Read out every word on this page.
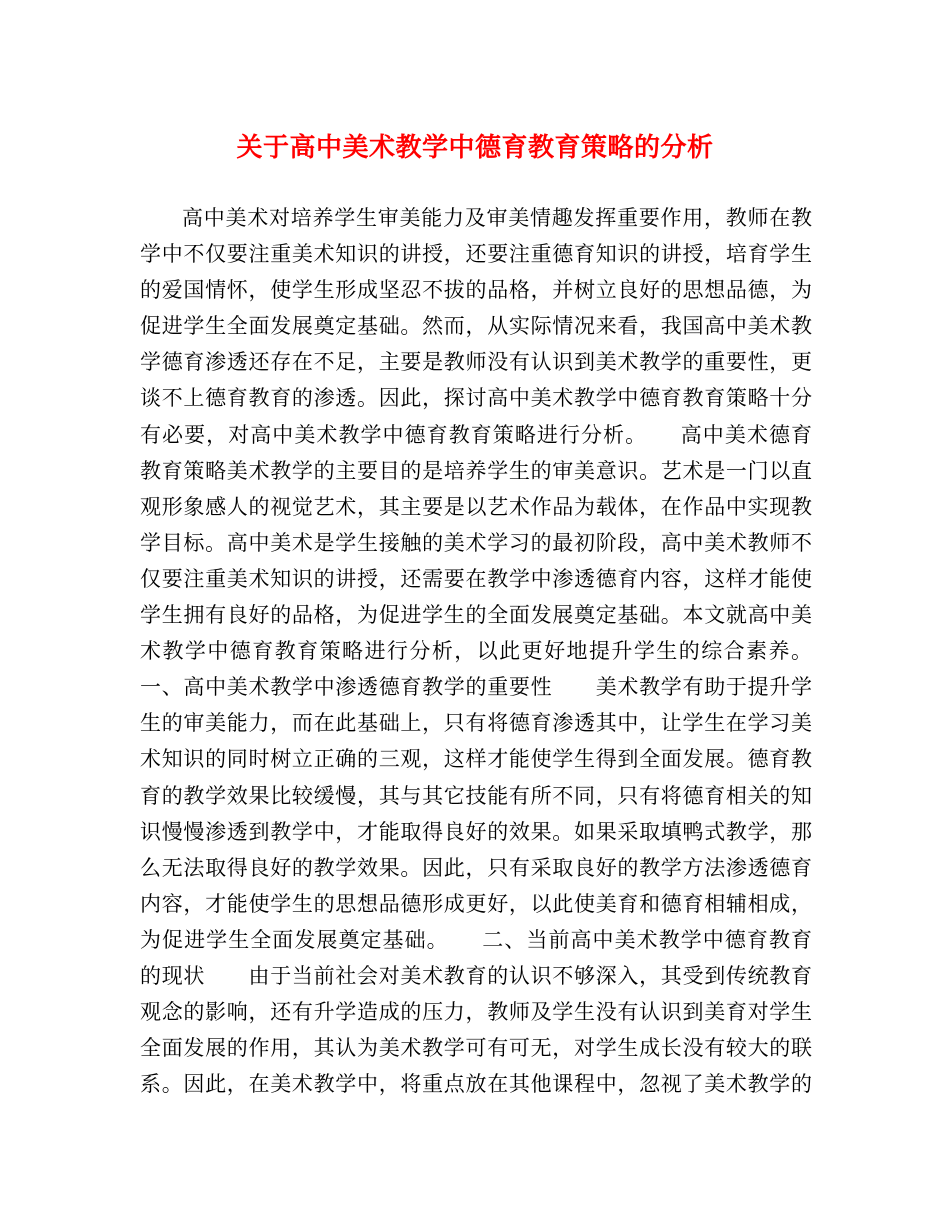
关于高中美术教学中德育教育策略的分析
高中美术对培养学生审美能力及审美情趣发挥重要作用，教师在教
学中不仅要注重美术知识的讲授，还要注重德育知识的讲授，培育学生
的爱国情怀，使学生形成坚忍不拔的品格，并树立良好的思想品德，为
促进学生全面发展奠定基础。然而，从实际情况来看，我国高中美术教
学德育渗透还存在不足，主要是教师没有认识到美术教学的重要性，更
谈不上德育教育的渗透。因此，探讨高中美术教学中德育教育策略十分
有必要，对高中美术教学中德育教育策略进行分析。　　高中美术德育
教育策略美术教学的主要目的是培养学生的审美意识。艺术是一门以直
观形象感人的视觉艺术，其主要是以艺术作品为载体，在作品中实现教
学目标。高中美术是学生接触的美术学习的最初阶段，高中美术教师不
仅要注重美术知识的讲授，还需要在教学中渗透德育内容，这样才能使
学生拥有良好的品格，为促进学生的全面发展奠定基础。本文就高中美
术教学中德育教育策略进行分析，以此更好地提升学生的综合素养。
一、高中美术教学中渗透德育教学的重要性　　美术教学有助于提升学
生的审美能力，而在此基础上，只有将德育渗透其中，让学生在学习美
术知识的同时树立正确的三观，这样才能使学生得到全面发展。德育教
育的教学效果比较缓慢，其与其它技能有所不同，只有将德育相关的知
识慢慢渗透到教学中，才能取得良好的效果。如果采取填鸭式教学，那
么无法取得良好的教学效果。因此，只有采取良好的教学方法渗透德育
内容，才能使学生的思想品德形成更好，以此使美育和德育相辅相成，
为促进学生全面发展奠定基础。　　二、当前高中美术教学中德育教育
的现状　　由于当前社会对美术教育的认识不够深入，其受到传统教育
观念的影响，还有升学造成的压力，教师及学生没有认识到美育对学生
全面发展的作用，其认为美术教学可有可无，对学生成长没有较大的联
系。因此，在美术教学中，将重点放在其他课程中，忽视了美术教学的
